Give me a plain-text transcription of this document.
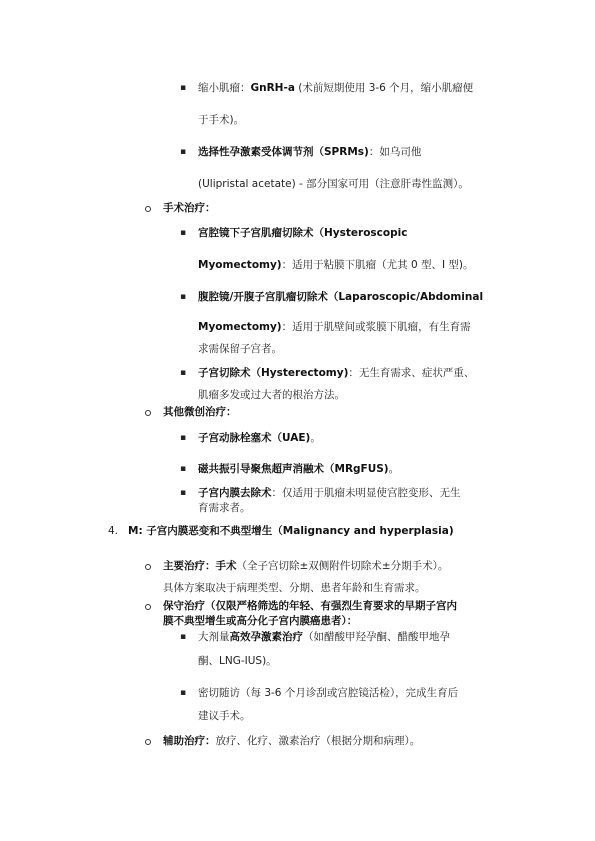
▪
▪
▪
▪
▪
▪
▪
▪
4.
▪
▪
缩小肌瘤：GnRH-a (术前短期使用 3-6 个月，缩小肌瘤便
于手术)。
选择性孕激素受体调节剂（SPRMs)：如乌司他
(Ulipristal acetate) - 部分国家可用（注意肝毒性监测）。
手术治疗：
宫腔镜下子宫肌瘤切除术（Hysteroscopic
Myomectomy)：适用于粘膜下肌瘤（尤其 0 型、I 型)。
腹腔镜/开腹子宫肌瘤切除术（Laparoscopic/Abdominal
Myomectomy)：适用于肌壁间或浆膜下肌瘤，有生育需
求需保留子宫者。
子宫切除术（Hysterectomy)：无生育需求、症状严重、
肌瘤多发或过大者的根治方法。
其他微创治疗：
子宫动脉栓塞术（UAE)。
磁共振引导聚焦超声消融术（MRgFUS)。
子宫内膜去除术：仅适用于肌瘤未明显使宫腔变形、无生
育需求者。
M: 子宫内膜恶变和不典型增生（Malignancy and hyperplasia)
主要治疗：手术（全子宫切除±双侧附件切除术±分期手术）。
具体方案取决于病理类型、分期、患者年龄和生育需求。
保守治疗（仅限严格筛选的年轻、有强烈生育要求的早期子宫内
膜不典型增生或高分化子宫内膜癌患者）：
大剂量高效孕激素治疗（如醋酸甲羟孕酮、醋酸甲地孕
酮、LNG-IUS)。
密切随访（每 3-6 个月诊刮或宫腔镜活检），完成生育后
建议手术。
辅助治疗：放疗、化疗、激素治疗（根据分期和病理）。
